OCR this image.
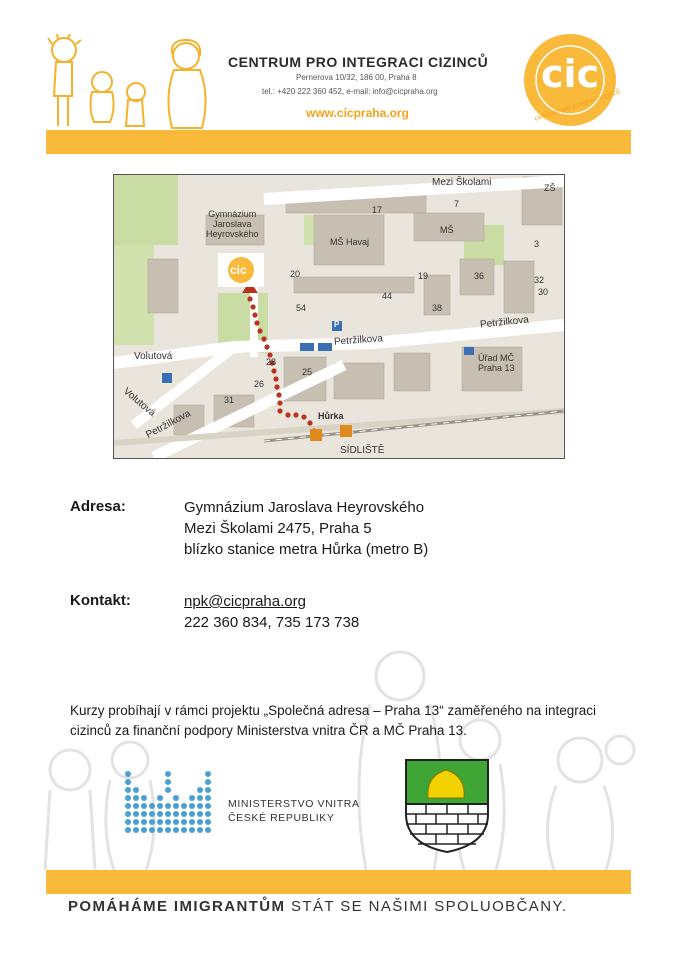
CENTRUM PRO INTEGRACI CIZINCŮ
Pernerova 10/32, 186 00, Praha 8
tel.: +420 222 360 452, e-mail: info@cicpraha.org
www.cicpraha.org
cic
centrum pro integraci cizinců
Mezi Školami	ZŠ
Gymnázium
Jaroslava
Heyrovského
MŠ Havaj
MŠ
Petržilkova
Petržilkova
Petržilkova
Volutová
Volutová
Úřad MČ
Praha 13
Hůrka
SÍDLIŠTĚ
P
cic
54
44
38
36	32
30
25
26
28
31
17
7
3
20	19
Adresa:	Gymnázium Jaroslava Heyrovského
Mezi Školami 2475, Praha 5
blízko stanice metra Hůrka (metro B)
Kontakt:	npk@cicpraha.org
222 360 834, 735 173 738
Kurzy probíhají v rámci projektu „Společná adresa – Praha 13“ zaměřeného na integraci cizinců za finanční podpory Ministerstva vnitra ČR a MČ Praha 13.
MINISTERSTVO VNITRA
ČESKÉ REPUBLIKY
POMÁHÁME IMIGRANTŮM STÁT SE NAŠIMI SPOLUOBČANY.
